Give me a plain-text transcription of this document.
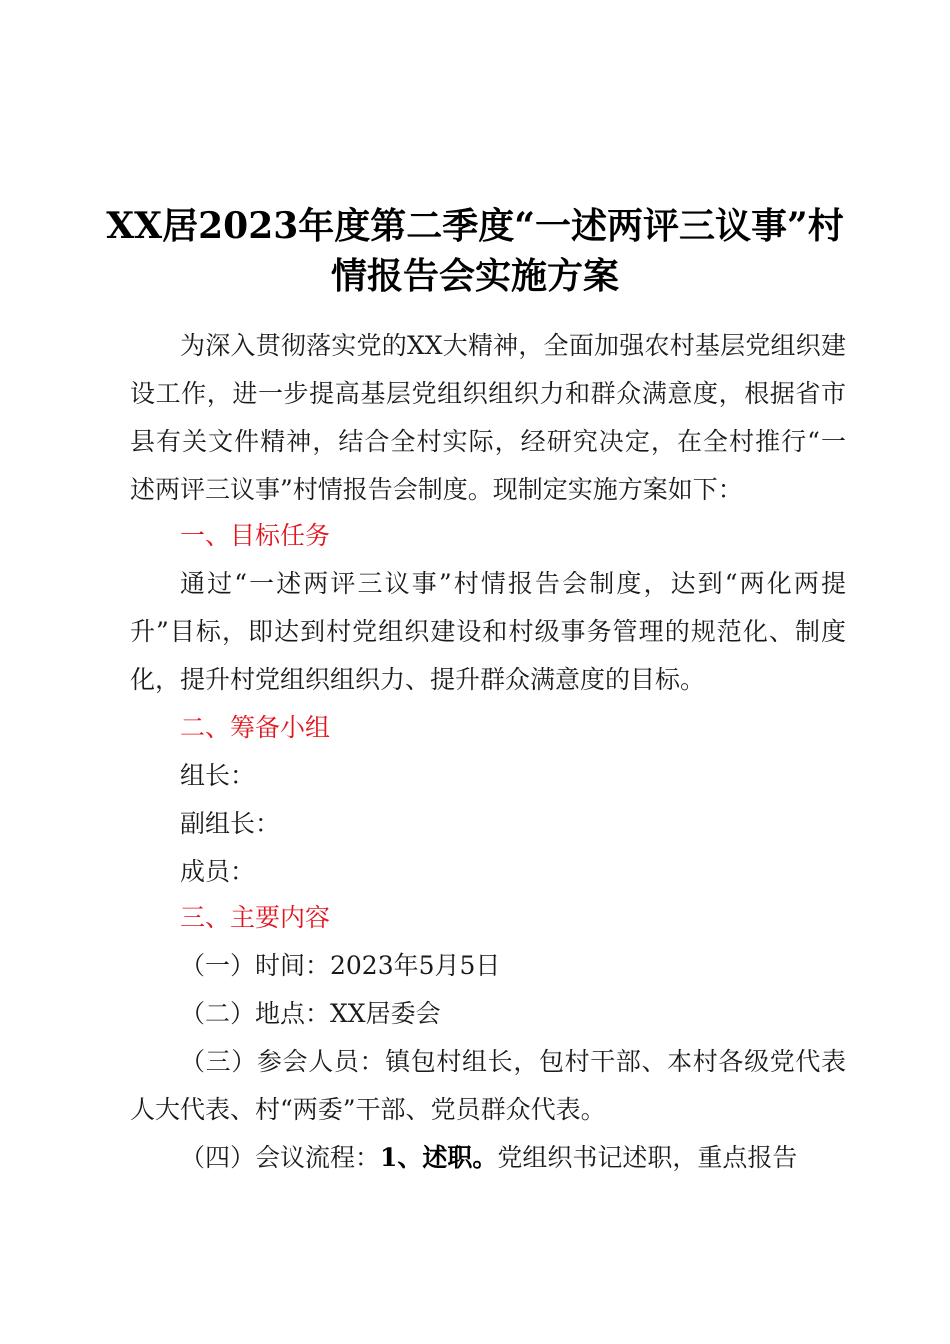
XX居2023年度第二季度“一述两评三议事”村
情报告会实施方案
为深入贯彻落实党的XX大精神，全面加强农村基层党组织建
设工作，进一步提高基层党组织组织力和群众满意度，根据省市
县有关文件精神，结合全村实际，经研究决定，在全村推行“一
述两评三议事”村情报告会制度。现制定实施方案如下：
一、目标任务
通过“一述两评三议事”村情报告会制度，达到“两化两提
升”目标，即达到村党组织建设和村级事务管理的规范化、制度
化，提升村党组织组织力、提升群众满意度的目标。
二、筹备小组
组长：
副组长：
成员：
三、主要内容
（一）时间：2023年5月5日
（二）地点：XX居委会
（三）参会人员：镇包村组长，包村干部、本村各级党代表
人大代表、村“两委”干部、党员群众代表。
（四）会议流程：1、述职。党组织书记述职，重点报告
